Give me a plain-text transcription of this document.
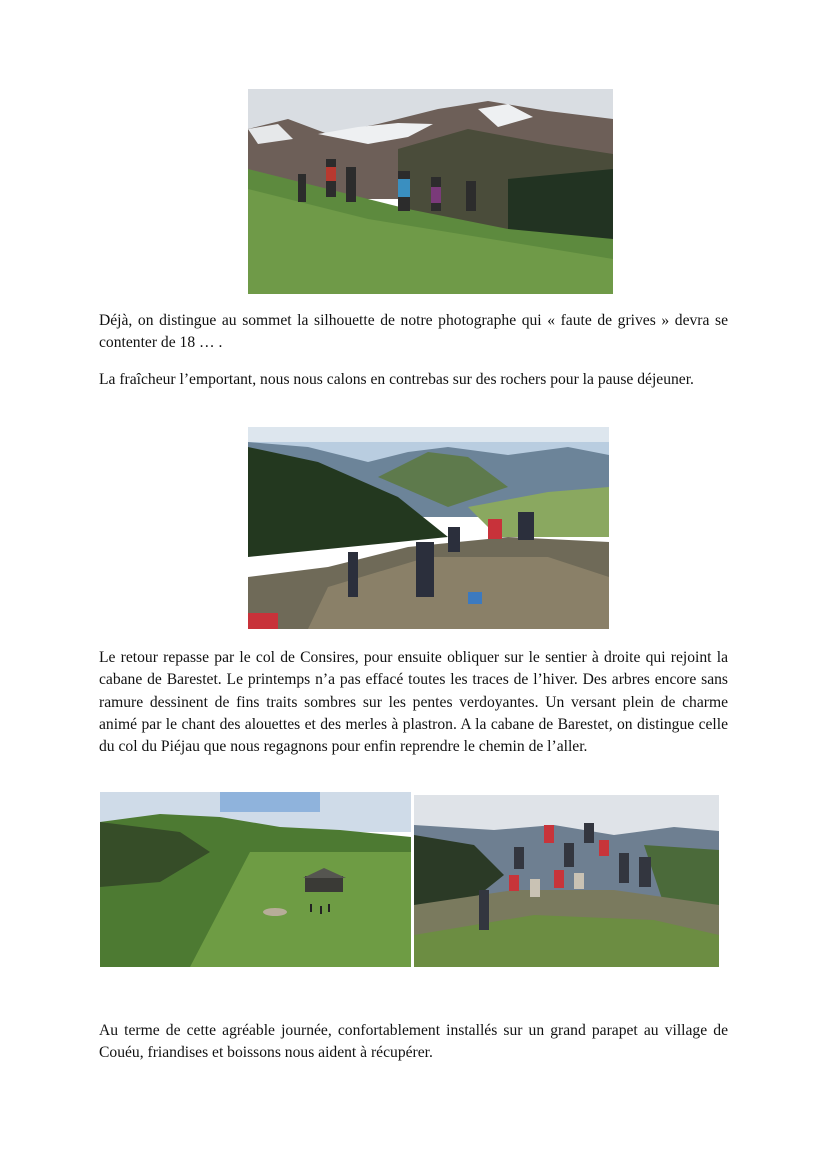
Déjà, on distingue au sommet la silhouette de notre photographe qui « faute de grives » devra se contenter de 18 … .

La fraîcheur l’emportant, nous nous calons en contrebas sur des rochers pour la pause déjeuner.

Le retour repasse par le col de Consires, pour ensuite obliquer sur le sentier à droite qui rejoint la cabane de Barestet. Le printemps n’a pas effacé toutes les traces de l’hiver. Des arbres encore sans ramure dessinent de fins traits sombres sur les pentes verdoyantes. Un versant plein de charme animé par le chant des alouettes et des merles à plastron. A la cabane de Barestet, on distingue celle du col du Piéjau que nous regagnons pour enfin reprendre le chemin de l’aller.

Au terme de cette agréable journée, confortablement installés sur un grand parapet au village de Couéu, friandises et boissons nous aident à récupérer.
